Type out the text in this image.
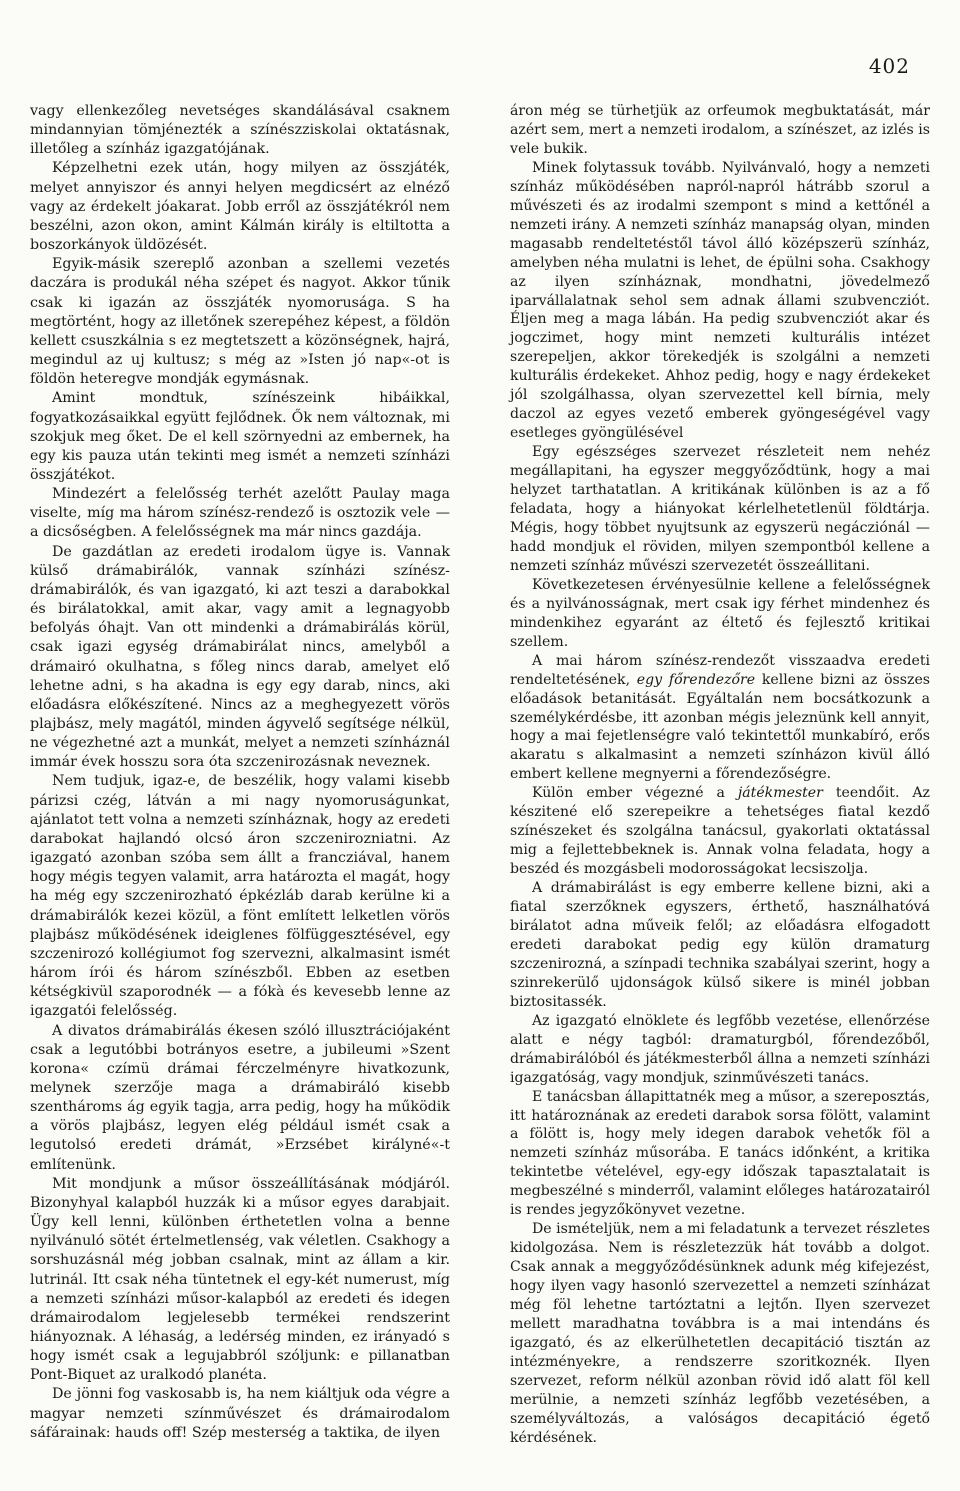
402

vagy ellenkezőleg nevetséges skandálásával csaknem mindannyian tömjénezték a színészziskolai oktatásnak, illetőleg a színház igazgatójának.

Képzelhetni ezek után, hogy milyen az összjáték, melyet annyiszor és annyi helyen megdicsért az elnéző vagy az érdekelt jóakarat. Jobb erről az összjátékról nem beszélni, azon okon, amint Kálmán király is eltiltotta a boszorkányok üldözését.

Egyik-másik szereplő azonban a szellemi vezetés daczára is produkál néha szépet és nagyot. Akkor tűnik csak ki igazán az összjáték nyomorusága. S ha megtörtént, hogy az illetőnek szerepéhez képest, a földön kellett csuszkálnia s ez megtetszett a közönségnek, hajrá, megindul az uj kultusz; s még az »Isten jó nap«-ot is földön heteregve mondják egymásnak.

Amint mondtuk, színészeink hibáikkal, fogyatkozásaikkal együtt fejlődnek. Ők nem változnak, mi szokjuk meg őket. De el kell szörnyedni az embernek, ha egy kis pauza után tekinti meg ismét a nemzeti színházi összjátékot.

Mindezért a felelősség terhét azelőtt Paulay maga viselte, míg ma három színész-rendező is osztozik vele — a dicsőségben. A felelősségnek ma már nincs gazdája.

De gazdátlan az eredeti irodalom ügye is. Vannak külső drámabirálók, vannak színházi színész-drámabirálók, és van igazgató, ki azt teszi a darabokkal és birálatokkal, amit akar, vagy amit a legnagyobb befolyás óhajt. Van ott mindenki a drámabirálás körül, csak igazi egység drámabirálat nincs, amelyből a drámairó okulhatna, s főleg nincs darab, amelyet elő lehetne adni, s ha akadna is egy egy darab, nincs, aki előadásra előkészítené. Nincs az a meghegyezett vörös plajbász, mely magától, minden ágyvelő segítsége nélkül, ne végezhetné azt a munkát, melyet a nemzeti színháznál immár évek hosszu sora óta szczenirozásnak neveznek.

Nem tudjuk, igaz-e, de beszélik, hogy valami kisebb párizsi czég, látván a mi nagy nyomoruságunkat, ajánlatot tett volna a nemzeti színháznak, hogy az eredeti darabokat hajlandó olcsó áron szczenirozniatni. Az igazgató azonban szóba sem állt a francziával, hanem hogy mégis tegyen valamit, arra határozta el magát, hogy ha még egy szczenirozható épkézláb darab kerülne ki a drámabirálók kezei közül, a fönt említett lelketlen vörös plajbász működésének ideiglenes fölfüggesztésével, egy szczenirozó kollégiumot fog szervezni, alkalmasint ismét három írói és három színészből. Ebben az esetben kétségkivül szaporodnék — a fókà és kevesebb lenne az igazgatói felelősség.

A divatos drámabirálás ékesen szóló illusztrációjaként csak a legutóbbi botrányos esetre, a jubileumi »Szent korona« czímü drámai férczelményre hivatkozunk, melynek szerzője maga a drámabiráló kisebb szenthároms ág egyik tagja, arra pedig, hogy ha működik a vörös plajbász, legyen elég például ismét csak a legutolsó eredeti drámát, »Erzsébet királyné«-t említenünk.

Mit mondjunk a műsor összeállításának módjáról. Bizonyhyal kalapból huzzák ki a műsor egyes darabjait. Ügy kell lenni, különben érthetetlen volna a benne nyilvánuló sötét értelmetlenség, vak véletlen. Csakhogy a sorshuzásnál még jobban csalnak, mint az állam a kir. lutrinál. Itt csak néha tüntetnek el egy-két numerust, míg a nemzeti színházi műsor-kalapból az eredeti és idegen drámairodalom legjelesebb termékei rendszerint hiányoznak. A léhaság, a ledérség minden, ez irányadó s hogy ismét csak a legujabbról szóljunk: e pillanatban Pont-Biquet az uralkodó planéta.

De jönni fog vaskosabb is, ha nem kiáltjuk oda végre a magyar nemzeti színművészet és drámairodalom sáfárainak: hauds off! Szép mesterség a taktika, de ilyen

áron még se türhetjük az orfeumok megbuktatását, már azért sem, mert a nemzeti irodalom, a színészet, az izlés is vele bukik.

Minek folytassuk tovább. Nyilvánvaló, hogy a nemzeti színház működésében napról-napról hátrább szorul a művészeti és az irodalmi szempont s mind a kettőnél a nemzeti irány. A nemzeti színház manapság olyan, minden magasabb rendeltetéstől távol álló középszerü színház, amelyben néha mulatni is lehet, de épülni soha. Csakhogy az ilyen színháznak, mondhatni, jövedelmező iparvállalatnak sehol sem adnak állami szubvencziót. Éljen meg a maga lábán. Ha pedig szubvencziót akar és jogczimet, hogy mint nemzeti kulturális intézet szerepeljen, akkor törekedjék is szolgálni a nemzeti kulturális érdekeket. Ahhoz pedig, hogy e nagy érdekeket jól szolgálhassa, olyan szervezettel kell bírnia, mely daczol az egyes vezető emberek gyöngeségével vagy esetleges gyöngülésével

Egy egészséges szervezet részleteit nem nehéz megállapitani, ha egyszer meggyőződtünk, hogy a mai helyzet tarthatatlan. A kritikának különben is az a fő feladata, hogy a hiányokat kérlelhetetlenül földtárja. Mégis, hogy többet nyujtsunk az egyszerü negácziónál — hadd mondjuk el röviden, milyen szempontból kellene a nemzeti színház művészi szervezetét összeállitani.

Következetesen érvényesülnie kellene a felelősségnek és a nyilvánosságnak, mert csak igy férhet mindenhez és mindenkihez egyaránt az éltető és fejlesztő kritikai szellem.

A mai három színész-rendezőt visszaadva eredeti rendeltetésének, egy főrendezőre kellene bizni az összes előadások betanitását. Egyáltalán nem bocsátkozunk a személykérdésbe, itt azonban mégis jeleznünk kell annyit, hogy a mai fejetlenségre való tekintettől munkabíró, erős akaratu s alkalmasint a nemzeti színházon kivül álló embert kellene megnyerni a főrendezőségre.

Külön ember végezné a játékmester teendőit. Az készitené elő szerepeikre a tehetséges fiatal kezdő színészeket és szolgálna tanácsul, gyakorlati oktatással mig a fejlettebbeknek is. Annak volna feladata, hogy a beszéd és mozgásbeli modorosságokat lecsiszolja.

A drámabirálást is egy emberre kellene bizni, aki a fiatal szerzőknek egyszers, érthető, használhatóvá birálatot adna műveik felől; az előadásra elfogadott eredeti darabokat pedig egy külön dramaturg szczenirozná, a színpadi technika szabályai szerint, hogy a szinrekerülő ujdonságok külső sikere is minél jobban biztositassék.

Az igazgató elnöklete és legfőbb vezetése, ellenőrzése alatt e négy tagból: dramaturgból, főrendezőből, drámabirálóból és játékmesterből állna a nemzeti színházi igazgatóság, vagy mondjuk, szinművészeti tanács.

E tanácsban állapittatnék meg a műsor, a szereposztás, itt határoznának az eredeti darabok sorsa fölött, valamint a fölött is, hogy mely idegen darabok vehetők föl a nemzeti színház műsorába. E tanács időnként, a kritika tekintetbe vételével, egy-egy időszak tapasztalatait is megbeszélné s minderről, valamint előleges határozatairól is rendes jegyzőkönyvet vezetne.

De ismételjük, nem a mi feladatunk a tervezet részletes kidolgozása. Nem is részletezzük hát tovább a dolgot. Csak annak a meggyőződésünknek adunk még kifejezést, hogy ilyen vagy hasonló szervezettel a nemzeti színházat még föl lehetne tartóztatni a lejtőn. Ilyen szervezet mellett maradhatna továbbra is a mai intendáns és igazgató, és az elkerülhetetlen decapitáció tisztán az intézményekre, a rendszerre szoritkoznék. Ilyen szervezet, reform nélkül azonban rövid idő alatt föl kell merülnie, a nemzeti színház legfőbb vezetésében, a személyváltozás, a valóságos decapitáció égető kérdésének.
